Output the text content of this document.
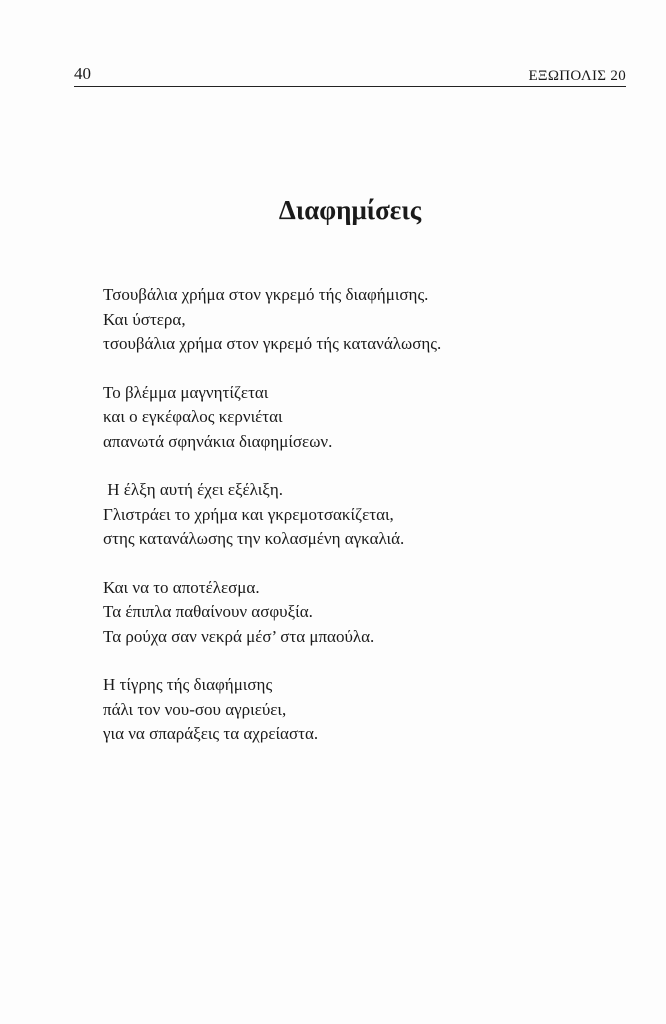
40	ΕΞΩΠΟΛΙΣ 20
Διαφημίσεις
Τσουβάλια χρήμα στον γκρεμό τής διαφήμισης.
Και ύστερα,
τσουβάλια χρήμα στον γκρεμό τής κατανάλωσης.
Το βλέμμα μαγνητίζεται
και ο εγκέφαλος κερνιέται
απανωτά σφηνάκια διαφημίσεων.
Η έλξη αυτή έχει εξέλιξη.
Γλιστράει το χρήμα και γκρεμοτσακίζεται,
στης κατανάλωσης την κολασμένη αγκαλιά.
Και να το αποτέλεσμα.
Τα έπιπλα παθαίνουν ασφυξία.
Τα ρούχα σαν νεκρά μέσ’ στα μπαούλα.
Η τίγρης τής διαφήμισης
πάλι τον νου-σου αγριεύει,
για να σπαράξεις τα αχρείαστα.
